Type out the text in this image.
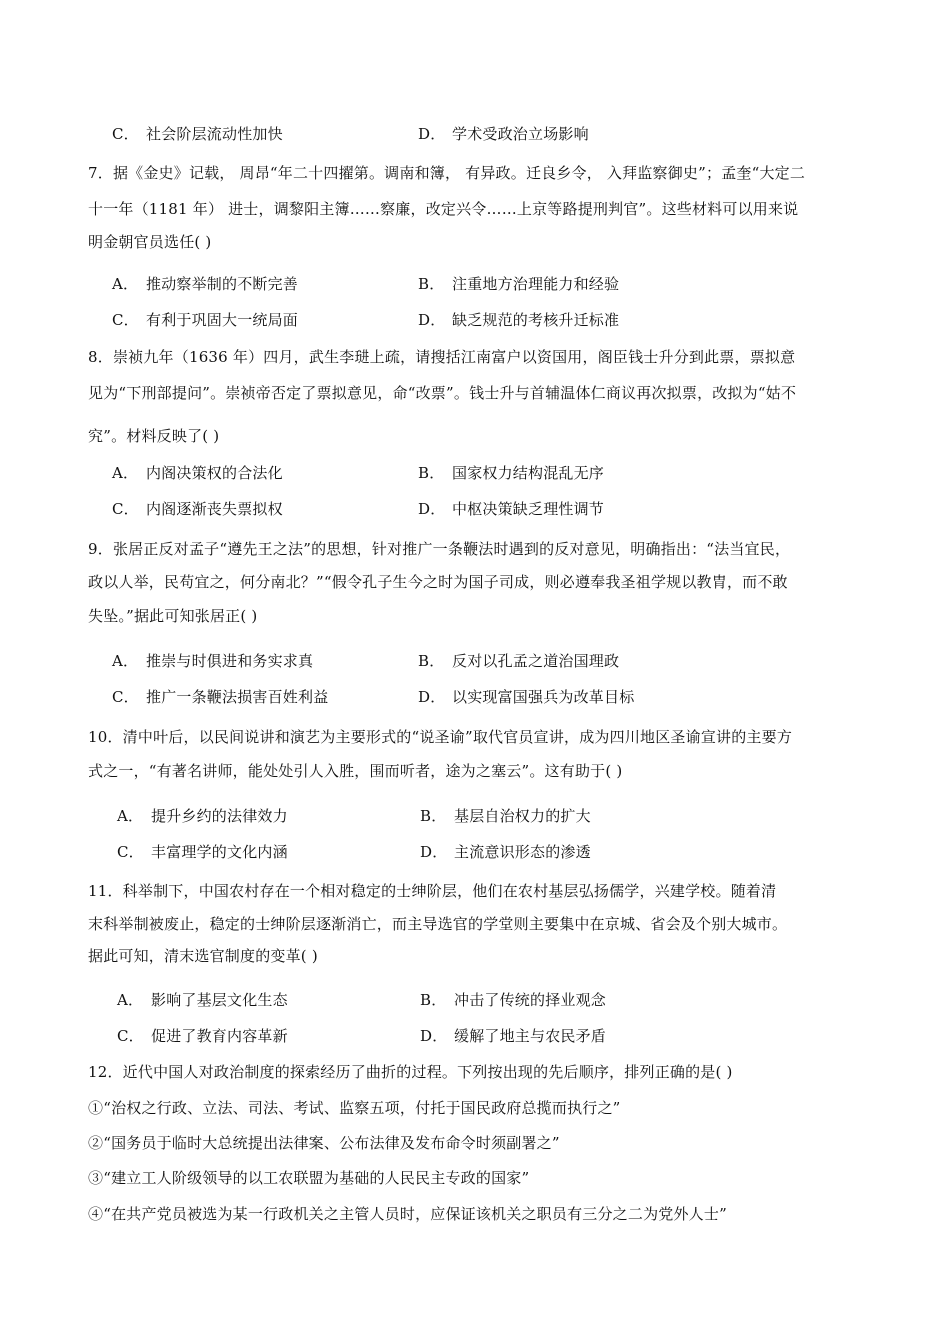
C． 社会阶层流动性加快	D． 学术受政治立场影响
7．据《金史》记载， 周昂“年二十四擢第。调南和簿， 有异政。迁良乡令， 入拜监察御史”；孟奎“大定二
十一年（1181 年） 进士，调黎阳主簿……察廉，改定兴令……上京等路提刑判官”。这些材料可以用来说
明金朝官员选任( )
A． 推动察举制的不断完善	B． 注重地方治理能力和经验
C． 有利于巩固大一统局面	D． 缺乏规范的考核升迁标准
8．崇祯九年（1636 年）四月，武生李琎上疏，请搜括江南富户以资国用，阁臣钱士升分到此票，票拟意
见为“下刑部提问”。崇祯帝否定了票拟意见，命“改票”。钱士升与首辅温体仁商议再次拟票，改拟为“姑不
究”。材料反映了( )
A． 内阁决策权的合法化	B． 国家权力结构混乱无序
C． 内阁逐渐丧失票拟权	D． 中枢决策缺乏理性调节
9．张居正反对孟子“遵先王之法”的思想，针对推广一条鞭法时遇到的反对意见，明确指出：“法当宜民，
政以人举，民苟宜之，何分南北？”“假令孔子生今之时为国子司成，则必遵奉我圣祖学规以教胄，而不敢
失坠。”据此可知张居正( )
A． 推崇与时俱进和务实求真	B． 反对以孔孟之道治国理政
C． 推广一条鞭法损害百姓利益	D． 以实现富国强兵为改革目标
10．清中叶后，以民间说讲和演艺为主要形式的“说圣谕”取代官员宣讲，成为四川地区圣谕宣讲的主要方
式之一，“有著名讲师，能处处引人入胜，围而听者，途为之塞云”。这有助于( )
A． 提升乡约的法律效力	B． 基层自治权力的扩大
C． 丰富理学的文化内涵	D． 主流意识形态的渗透
11．科举制下，中国农村存在一个相对稳定的士绅阶层，他们在农村基层弘扬儒学，兴建学校。随着清
末科举制被废止，稳定的士绅阶层逐渐消亡，而主导选官的学堂则主要集中在京城、省会及个别大城市。
据此可知，清末选官制度的变革( )
A． 影响了基层文化生态	B． 冲击了传统的择业观念
C． 促进了教育内容革新	D． 缓解了地主与农民矛盾
12．近代中国人对政治制度的探索经历了曲折的过程。下列按出现的先后顺序，排列正确的是( )
①“治权之行政、立法、司法、考试、监察五项，付托于国民政府总揽而执行之”
②“国务员于临时大总统提出法律案、公布法律及发布命令时须副署之”
③“建立工人阶级领导的以工农联盟为基础的人民民主专政的国家”
④“在共产党员被选为某一行政机关之主管人员时，应保证该机关之职员有三分之二为党外人士”
